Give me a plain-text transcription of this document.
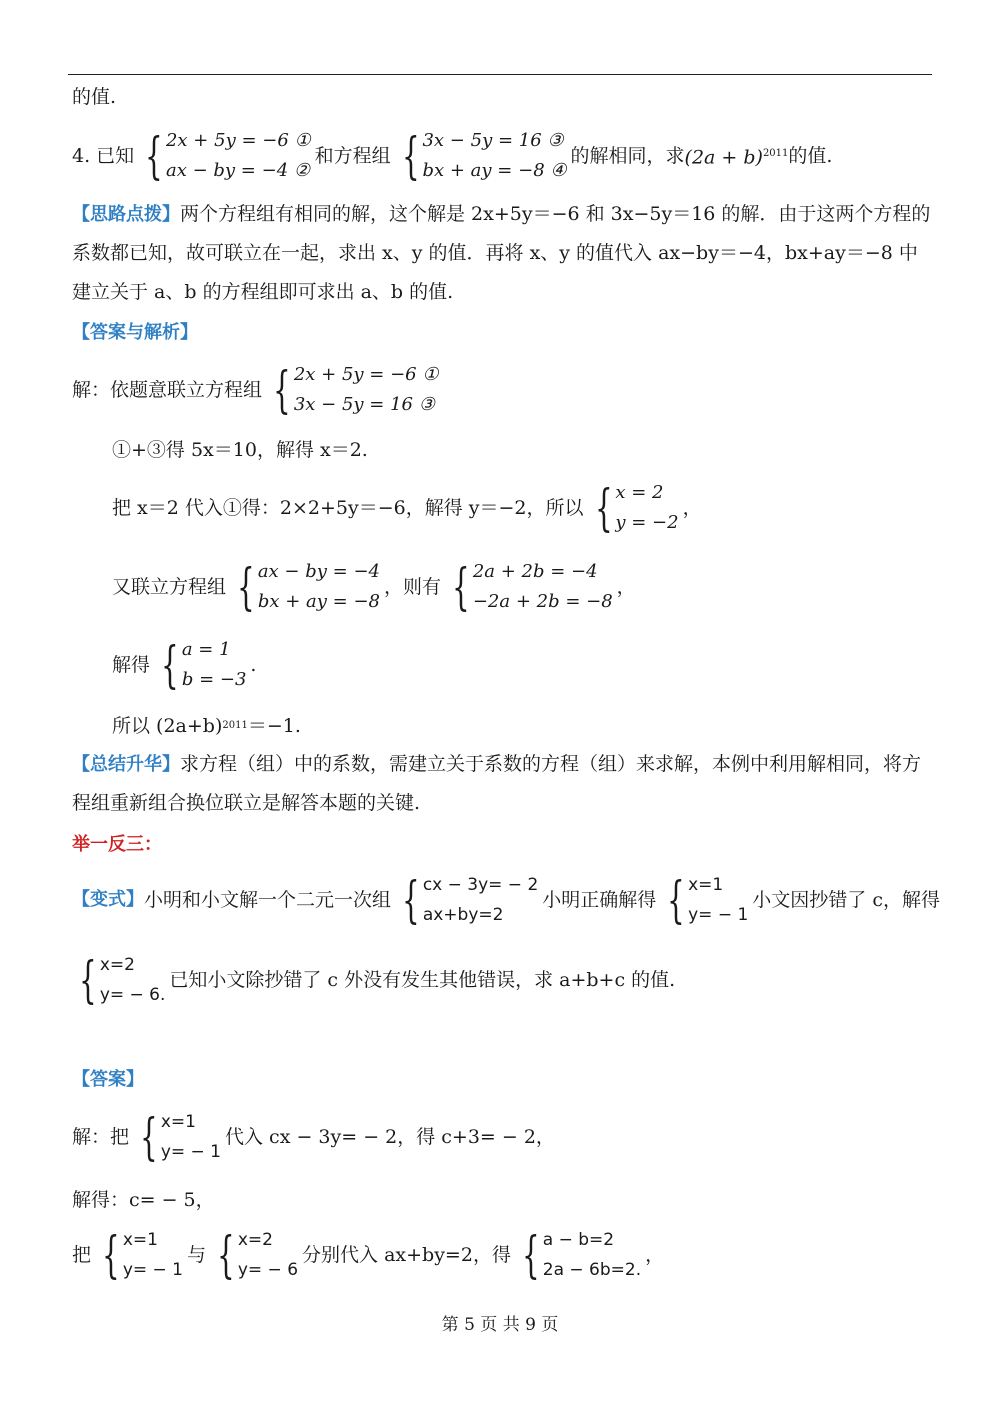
的值.
4. 已知 { 2x + 5y = −6 ①
ax − by = −4 ②
和方程组 { 3x − 5y = 16 ③
bx + ay = −8 ④
的解相同，求 $(2a + b)^{2011}$ 的值.
【思路点拨】两个方程组有相同的解，这个解是 2x+5y＝−6 和 3x−5y＝16 的解．由于这两个方程的系数都已知，故可联立在一起，求出 x、y 的值．再将 x、y 的值代入 ax−by＝−4，bx+ay＝−8 中建立关于 a、b 的方程组即可求出 a、b 的值.
【答案与解析】
解：依题意联立方程组 { 2x + 5y = −6 ①
3x − 5y = 16 ③
①+③得 5x＝10，解得 x＝2.
把 x＝2 代入①得：2×2+5y＝−6，解得 y＝−2，所以 { x = 2
y = −2
，
又联立方程组 { ax − by = −4
bx + ay = −8
，则有 { 2a + 2b = −4
−2a + 2b = −8
，
解得 { a = 1
b = −3
.
所以 (2a+b) 2011 ＝−1.
【总结升华】求方程（组）中的系数，需建立关于系数的方程（组）来求解，本例中利用解相同，将方程组重新组合换位联立是解答本题的关键.
举一反三：
【变式】 小明和小文解一个二元一次组 { cx − 3y= − 2
ax+by=2
小明正确解得 { x=1
y= − 1
小文因抄错了 c，解得
{ x=2
y= − 6.
已知小文除抄错了 c 外没有发生其他错误，求 a+b+c 的值.
【答案】
解：把 { x=1
y= − 1
代入 cx − 3y= − 2，得 c+3= − 2，
解得：c= − 5，
把 { x=1
y= − 1
与 { x=2
y= − 6
分别代入 ax+by=2，得 { a − b=2
2a − 6b=2.
，
第 5 页 共 9 页
